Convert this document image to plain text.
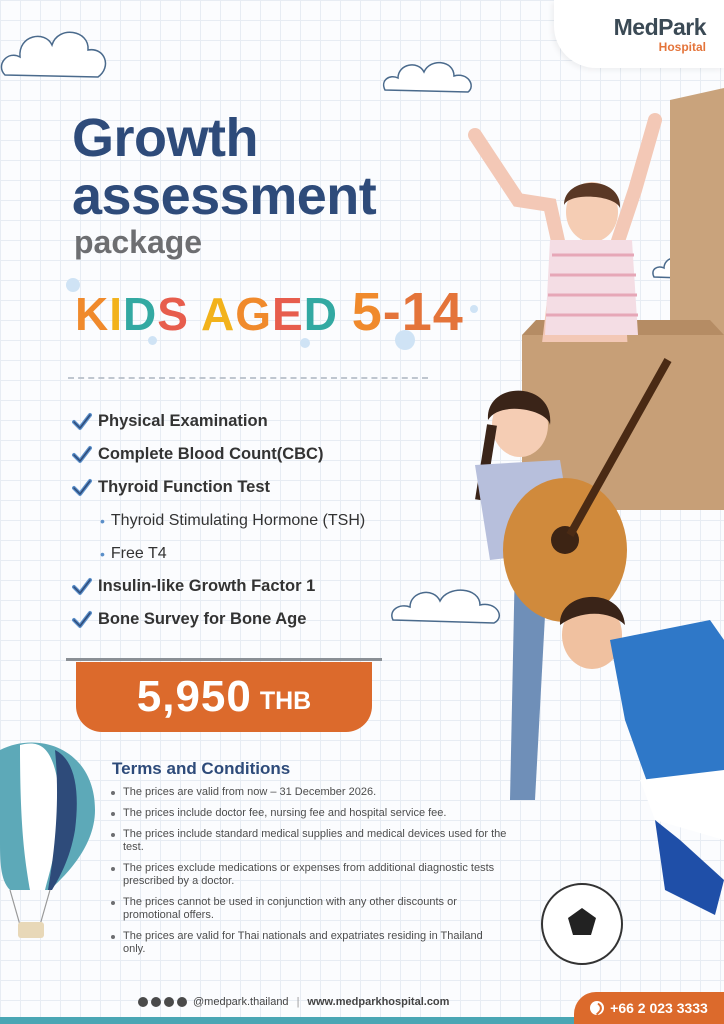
MedPark
Hospital
Growth
assessment
package
KIDS AGED 5-14
Physical Examination
Complete Blood Count(CBC)
Thyroid Function Test
• Thyroid Stimulating Hormone (TSH)
• Free T4
Insulin-like Growth Factor 1
Bone Survey for Bone Age
5,950 THB
Terms and Conditions
The prices are valid from now – 31 December 2026.
The prices include doctor fee, nursing fee and hospital service fee.
The prices include standard medical supplies and medical devices used for the test.
The prices exclude medications or expenses from additional diagnostic tests prescribed by a doctor.
The prices cannot be used in conjunction with any other discounts or promotional offers.
The prices are valid for Thai nationals and expatriates residing in Thailand only.
@medpark.thailand | www.medparkhospital.com	+66 2 023 3333
